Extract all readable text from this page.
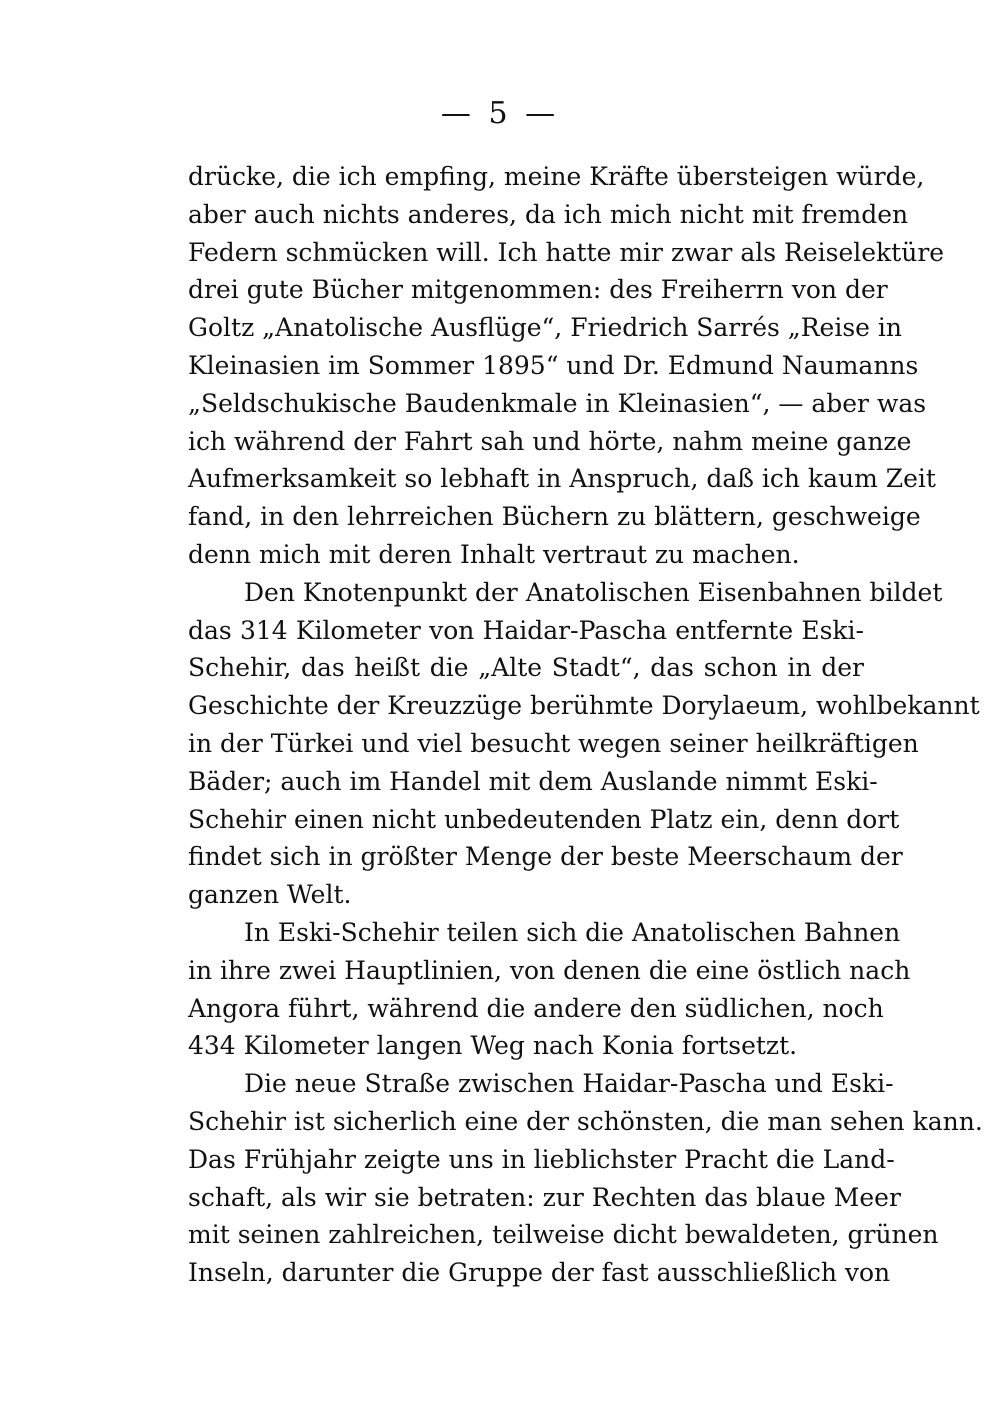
— 5 —
drücke, die ich empfing, meine Kräfte übersteigen würde,
aber auch nichts anderes, da ich mich nicht mit fremden
Federn schmücken will. Ich hatte mir zwar als Reiselektüre
drei gute Bücher mitgenommen: des Freiherrn von der
Goltz „Anatolische Ausflüge“, Friedrich Sarrés „Reise in
Kleinasien im Sommer 1895“ und Dr. Edmund Naumanns
„Seldschukische Baudenkmale in Kleinasien“, — aber was
ich während der Fahrt sah und hörte, nahm meine ganze
Aufmerksamkeit so lebhaft in Anspruch, daß ich kaum Zeit
fand, in den lehrreichen Büchern zu blättern, geschweige
denn mich mit deren Inhalt vertraut zu machen.
Den Knotenpunkt der Anatolischen Eisenbahnen bildet
das 314 Kilometer von Haidar-Pascha entfernte Eski-
Schehir, das heißt die „Alte Stadt“, das schon in der
Geschichte der Kreuzzüge berühmte Dorylaeum, wohlbekannt
in der Türkei und viel besucht wegen seiner heilkräftigen
Bäder; auch im Handel mit dem Auslande nimmt Eski-
Schehir einen nicht unbedeutenden Platz ein, denn dort
findet sich in größter Menge der beste Meerschaum der
ganzen Welt.
In Eski-Schehir teilen sich die Anatolischen Bahnen
in ihre zwei Hauptlinien, von denen die eine östlich nach
Angora führt, während die andere den südlichen, noch
434 Kilometer langen Weg nach Konia fortsetzt.
Die neue Straße zwischen Haidar-Pascha und Eski-
Schehir ist sicherlich eine der schönsten, die man sehen kann.
Das Frühjahr zeigte uns in lieblichster Pracht die Land-
schaft, als wir sie betraten: zur Rechten das blaue Meer
mit seinen zahlreichen, teilweise dicht bewaldeten, grünen
Inseln, darunter die Gruppe der fast ausschließlich von
